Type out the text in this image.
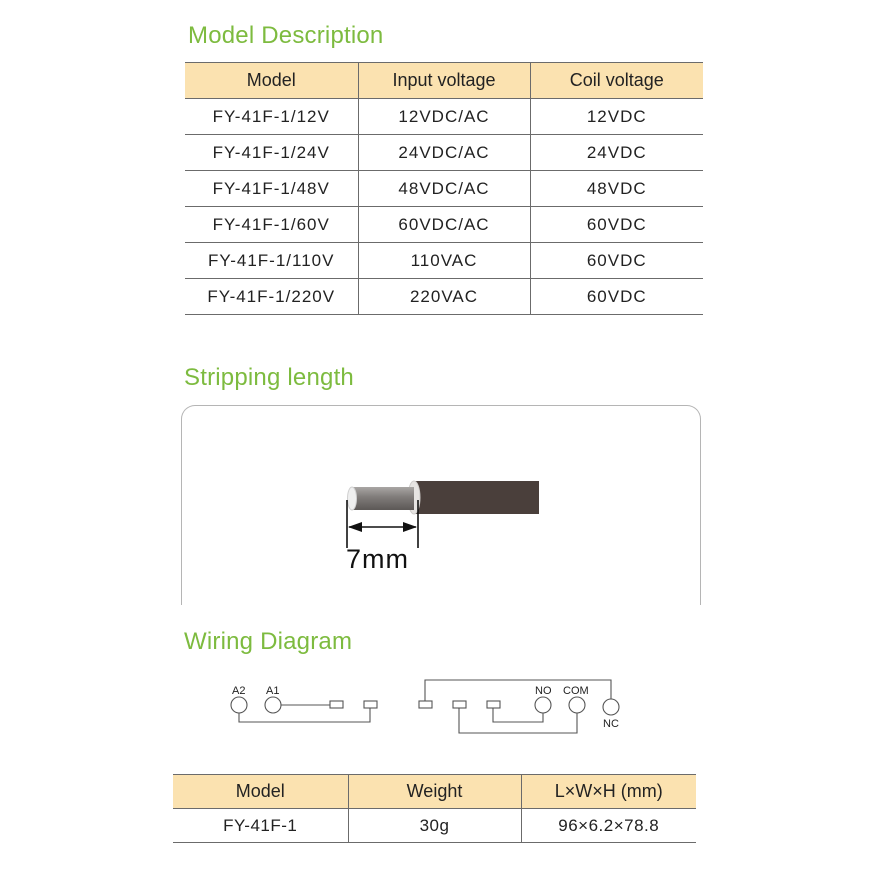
Model Description
Model	Input voltage	Coil voltage
FY-41F-1/12V	12VDC/AC	12VDC
FY-41F-1/24V	24VDC/AC	24VDC
FY-41F-1/48V	48VDC/AC	48VDC
FY-41F-1/60V	60VDC/AC	60VDC
FY-41F-1/110V	110VAC	60VDC
FY-41F-1/220V	220VAC	60VDC
Stripping length
7mm
Wiring Diagram
A2 A1	NO COM
NC
Model	Weight	L×W×H (mm)
FY-41F-1	30g	96×6.2×78.8
